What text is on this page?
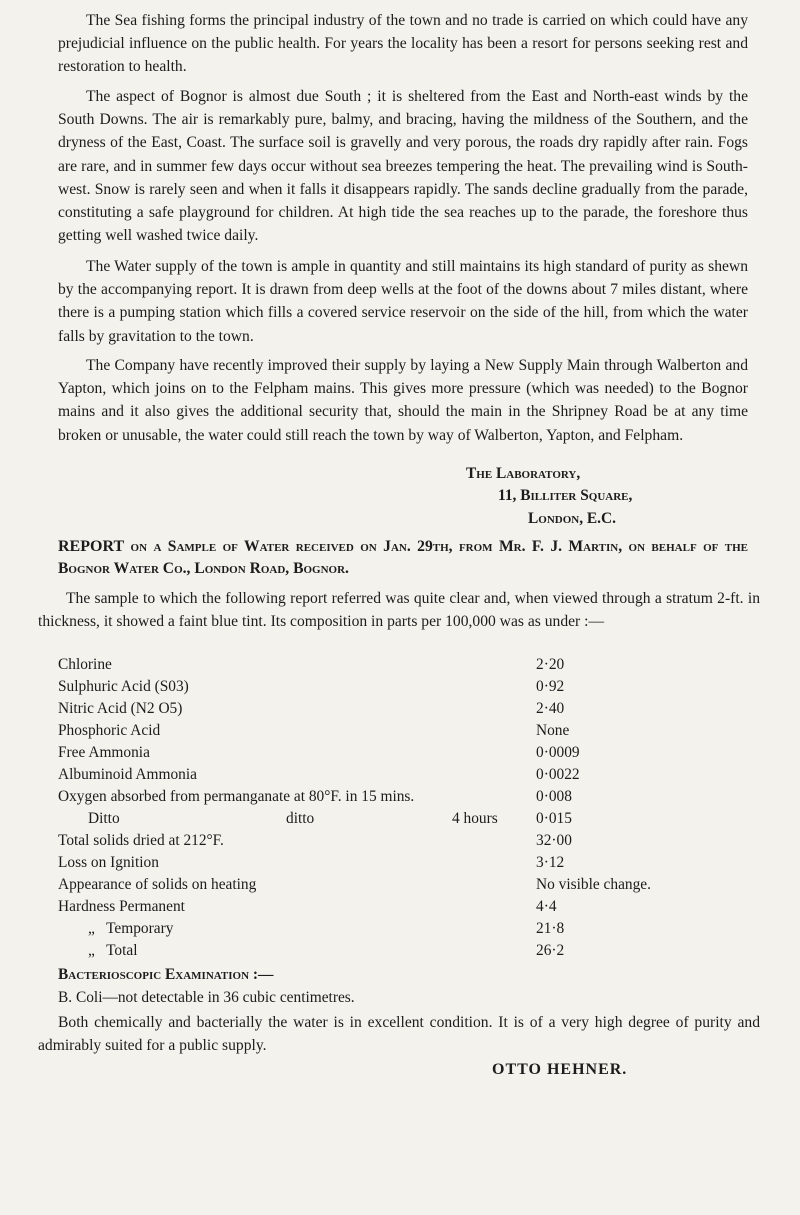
The Sea fishing forms the principal industry of the town and no trade is carried on which could have any prejudicial influence on the public health. For years the locality has been a resort for persons seeking rest and restoration to health.

The aspect of Bognor is almost due South ; it is sheltered from the East and North-east winds by the South Downs. The air is remarkably pure, balmy, and bracing, having the mildness of the Southern, and the dryness of the East, Coast. The surface soil is gravelly and very porous, the roads dry rapidly after rain. Fogs are rare, and in summer few days occur without sea breezes tempering the heat. The prevailing wind is South-west. Snow is rarely seen and when it falls it disappears rapidly. The sands decline gradually from the parade, constituting a safe playground for children. At high tide the sea reaches up to the parade, the foreshore thus getting well washed twice daily.

The Water supply of the town is ample in quantity and still maintains its high standard of purity as shewn by the accompanying report. It is drawn from deep wells at the foot of the downs about 7 miles distant, where there is a pumping station which fills a covered service reservoir on the side of the hill, from which the water falls by gravitation to the town.

The Company have recently improved their supply by laying a New Supply Main through Walberton and Yapton, which joins on to the Felpham mains. This gives more pressure (which was needed) to the Bognor mains and it also gives the additional security that, should the main in the Shripney Road be at any time broken or unusable, the water could still reach the town by way of Walberton, Yapton, and Felpham.

The Laboratory,
11, Billiter Square,
London, E.C.
REPORT on a Sample of Water received on Jan. 29th, from Mr. F. J. Martin, on behalf of the Bognor Water Co., London Road, Bognor.

The sample to which the following report referred was quite clear and, when viewed through a stratum 2-ft. in thickness, it showed a faint blue tint. Its composition in parts per 100,000 was as under :—

Chlorine	2·20
Sulphuric Acid (S03)	0·92
Nitric Acid (N2 O5)	2·40
Phosphoric Acid	None
Free Ammonia	0·0009
Albuminoid Ammonia	0·0022
Oxygen absorbed from permanganate at 80°F. in 15 mins.	0·008
Ditto	ditto	4 hours 0·015
Total solids dried at 212°F.	32·00
Loss on Ignition	3·12
Appearance of solids on heating	No visible change.
Hardness Permanent	4·4
„   Temporary	21·8
„   Total	26·2
Bacterioscopic Examination :—
B. Coli—not detectable in 36 cubic centimetres.

Both chemically and bacterially the water is in excellent condition. It is of a very high degree of purity and admirably suited for a public supply.

OTTO HEHNER.
